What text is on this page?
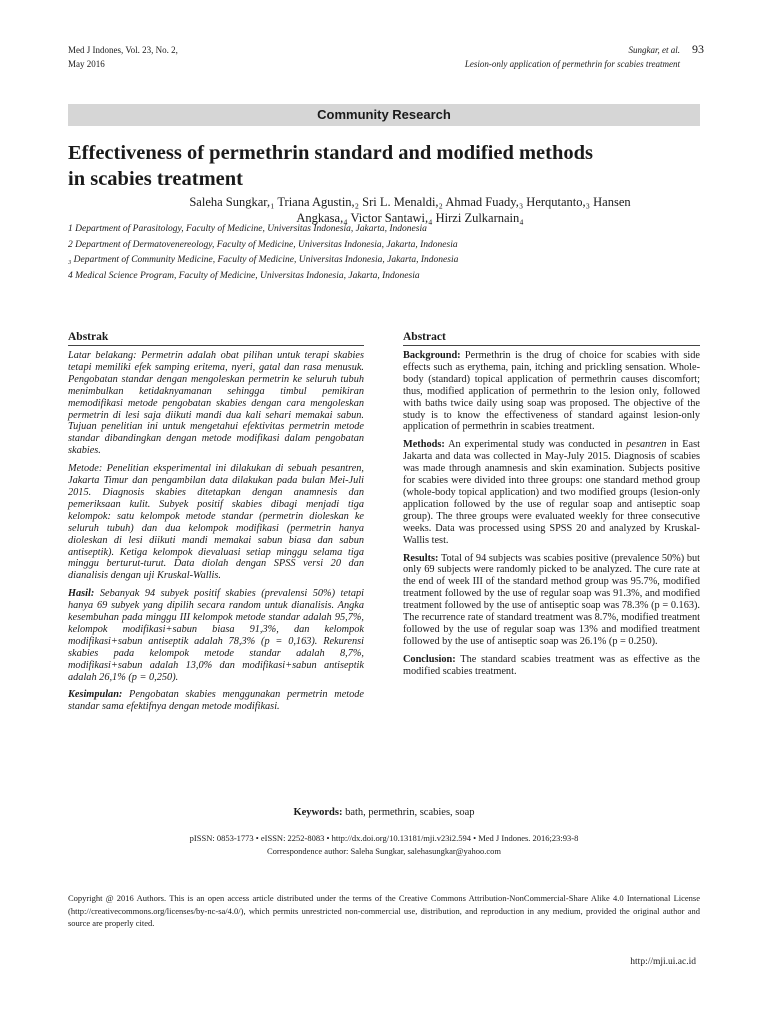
Med J Indones, Vol. 23, No. 2,
May 2016
Sungkar, et al.	93
Lesion-only application of permethrin for scabies treatment
Community Research
Effectiveness of permethrin standard and modified methods
in scabies treatment
Saleha Sungkar,₁ Triana Agustin,₂ Sri L. Menaldi,₂ Ahmad Fuady,₃ Herqutanto,₃ Hansen
Angkasa,₄ Victor Santawi,₄ Hirzi Zulkarnain₄
1 Department of Parasitology, Faculty of Medicine, Universitas Indonesia, Jakarta, Indonesia
2 Department of Dermatovenereology, Faculty of Medicine, Universitas Indonesia, Jakarta, Indonesia
₃ Department of Community Medicine, Faculty of Medicine, Universitas Indonesia, Jakarta, Indonesia
4 Medical Science Program, Faculty of Medicine, Universitas Indonesia, Jakarta, Indonesia
Abstrak

Latar belakang: Permetrin adalah obat pilihan untuk terapi skabies tetapi memiliki efek samping eritema, nyeri, gatal dan rasa menusuk. Pengobatan standar dengan mengoleskan permetrin ke seluruh tubuh menimbulkan ketidaknyamanan sehingga timbul pemikiran memodifikasi metode pengobatan skabies dengan cara mengoleskan permetrin di lesi saja diikuti mandi dua kali sehari memakai sabun. Tujuan penelitian ini untuk mengetahui efektivitas permetrin metode standar dibandingkan dengan metode modifikasi dalam pengobatan skabies.

Metode: Penelitian eksperimental ini dilakukan di sebuah pesantren, Jakarta Timur dan pengambilan data dilakukan pada bulan Mei-Juli 2015. Diagnosis skabies ditetapkan dengan anamnesis dan pemeriksaan kulit. Subyek positif skabies dibagi menjadi tiga kelompok: satu kelompok metode standar (permetrin dioleskan ke seluruh tubuh) dan dua kelompok modifikasi (permetrin hanya dioleskan di lesi diikuti mandi memakai sabun biasa dan sabun antiseptik). Ketiga kelompok dievaluasi setiap minggu selama tiga minggu berturut-turut. Data diolah dengan SPSS versi 20 dan dianalisis dengan uji Kruskal-Wallis.

Hasil: Sebanyak 94 subyek positif skabies (prevalensi 50%) tetapi hanya 69 subyek yang dipilih secara random untuk dianalisis. Angka kesembuhan pada minggu III kelompok metode standar adalah 95,7%, kelompok modifikasi+sabun biasa 91,3%, dan kelompok modifikasi+sabun antiseptik adalah 78,3% (p = 0,163). Rekurensi skabies pada kelompok metode standar adalah 8,7%, modifikasi+sabun adalah 13,0% dan modifikasi+sabun antiseptik adalah 26,1% (p = 0,250).

Kesimpulan: Pengobatan skabies menggunakan permetrin metode standar sama efektifnya dengan metode modifikasi.

Abstract

Background: Permethrin is the drug of choice for scabies with side effects such as erythema, pain, itching and prickling sensation. Whole-body (standard) topical application of permethrin causes discomfort; thus, modified application of permethrin to the lesion only, followed with baths twice daily using soap was proposed. The objective of the study is to know the effectiveness of standard against lesion-only application of permethrin in scabies treatment.

Methods: An experimental study was conducted in pesantren in East Jakarta and data was collected in May-July 2015. Diagnosis of scabies was made through anamnesis and skin examination. Subjects positive for scabies were divided into three groups: one standard method group (whole-body topical application) and two modified groups (lesion-only application followed by the use of regular soap and antiseptic soap group). The three groups were evaluated weekly for three consecutive weeks. Data was processed using SPSS 20 and analyzed by Kruskal-Wallis test.

Results: Total of 94 subjects was scabies positive (prevalence 50%) but only 69 subjects were randomly picked to be analyzed. The cure rate at the end of week III of the standard method group was 95.7%, modified treatment followed by the use of regular soap was 91.3%, and modified treatment followed by the use of antiseptic soap was 78.3% (p = 0.163). The recurrence rate of standard treatment was 8.7%, modified treatment followed by the use of regular soap was 13% and modified treatment followed by the use of antiseptic soap was 26.1% (p = 0.250).

Conclusion: The standard scabies treatment was as effective as the modified scabies treatment.

Keywords: bath, permethrin, scabies, soap
pISSN: 0853-1773 • eISSN: 2252-8083 • http://dx.doi.org/10.13181/mji.v23i2.594 • Med J Indones. 2016;23:93-8
Correspondence author: Saleha Sungkar, salehasungkar@yahoo.com
Copyright @ 2016 Authors. This is an open access article distributed under the terms of the Creative Commons Attribution-NonCommercial-Share Alike 4.0 International License (http://creativecommons.org/licenses/by-nc-sa/4.0/), which permits unrestricted non-commercial use, distribution, and reproduction in any medium, provided the original author and source are properly cited.
http://mji.ui.ac.id
